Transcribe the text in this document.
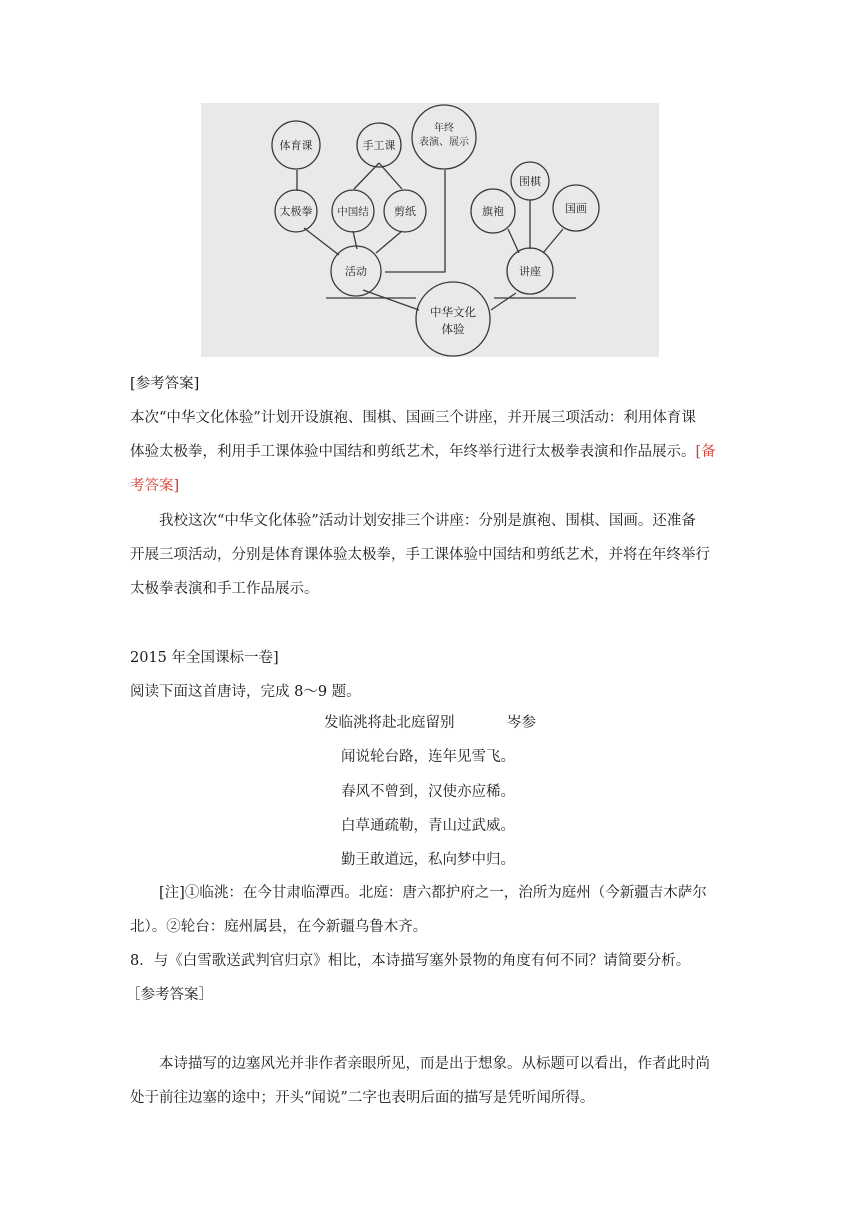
体育课
太极拳
手工课
中国结 剪纸
年终
表演、展示
活动
旗袍
围棋
国画
讲座
中华文化
体验
[参考答案]
本次“中华文化体验”计划开设旗袍、围棋、国画三个讲座，并开展三项活动：利用体育课
体验太极拳，利用手工课体验中国结和剪纸艺术，年终举行进行太极拳表演和作品展示。[备
考答案]
我校这次“中华文化体验”活动计划安排三个讲座：分别是旗袍、围棋、国画。还准备
开展三项活动，分别是体育课体验太极拳，手工课体验中国结和剪纸艺术，并将在年终举行
太极拳表演和手工作品展示。
2015 年全国课标一卷]
阅读下面这首唐诗，完成 8～9 题。
发临洮将赴北庭留别	岑参
闻说轮台路，连年见雪飞。
春风不曾到，汉使亦应稀。
白草通疏勒，青山过武威。
勤王敢道远，私向梦中归。
[注]①临洮：在今甘肃临潭西。北庭：唐六都护府之一，治所为庭州（今新疆吉木萨尔
北）。②轮台：庭州属县，在今新疆乌鲁木齐。
8．与《白雪歌送武判官归京》相比，本诗描写塞外景物的角度有何不同？请简要分析。
［参考答案］
本诗描写的边塞风光并非作者亲眼所见，而是出于想象。从标题可以看出，作者此时尚
处于前往边塞的途中；开头“闻说”二字也表明后面的描写是凭听闻所得。
